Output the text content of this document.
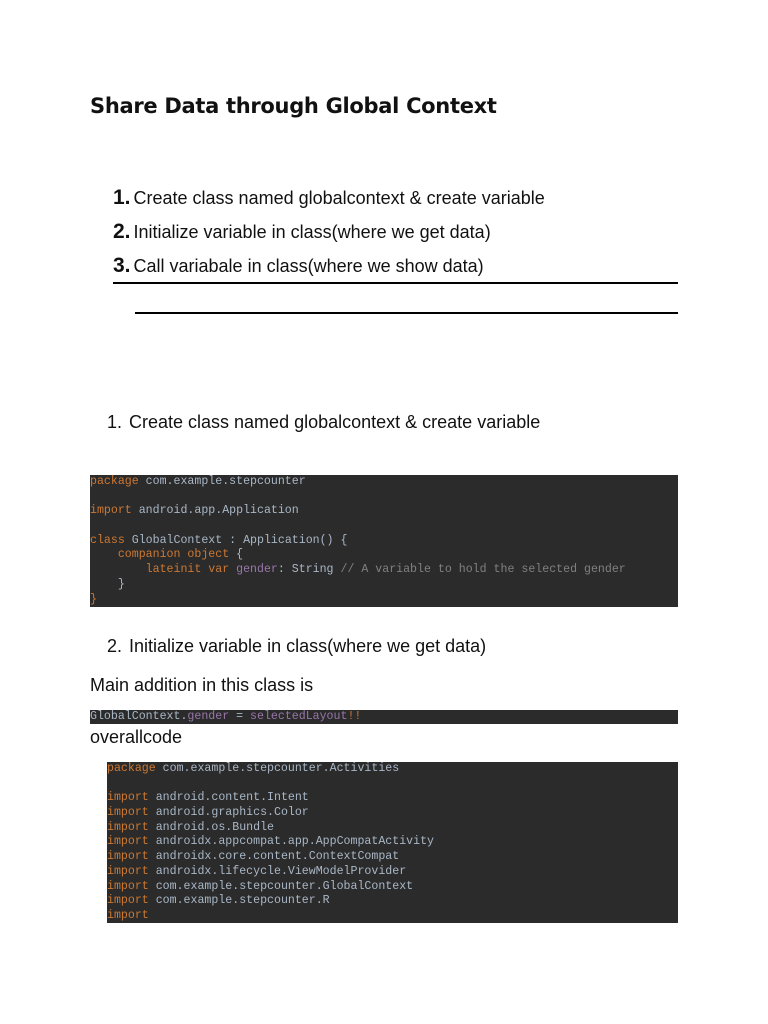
Share Data through Global Context
1. Create class named globalcontext & create variable
2. Initialize variable in class(where we get data)
3. Call variabale in class(where we show data)
1. Create class named globalcontext & create variable
package com.example.stepcounter
import android.app.Application
class GlobalContext : Application() {
companion object {
lateinit var gender: String // A variable to hold the selected gender
}
}
2. Initialize variable in class(where we get data)
Main addition in this class is
GlobalContext.gender = selectedLayout!!
overallcode
package com.example.stepcounter.Activities
import android.content.Intent
import android.graphics.Color
import android.os.Bundle
import androidx.appcompat.app.AppCompatActivity
import androidx.core.content.ContextCompat
import androidx.lifecycle.ViewModelProvider
import com.example.stepcounter.GlobalContext
import com.example.stepcounter.R
import
